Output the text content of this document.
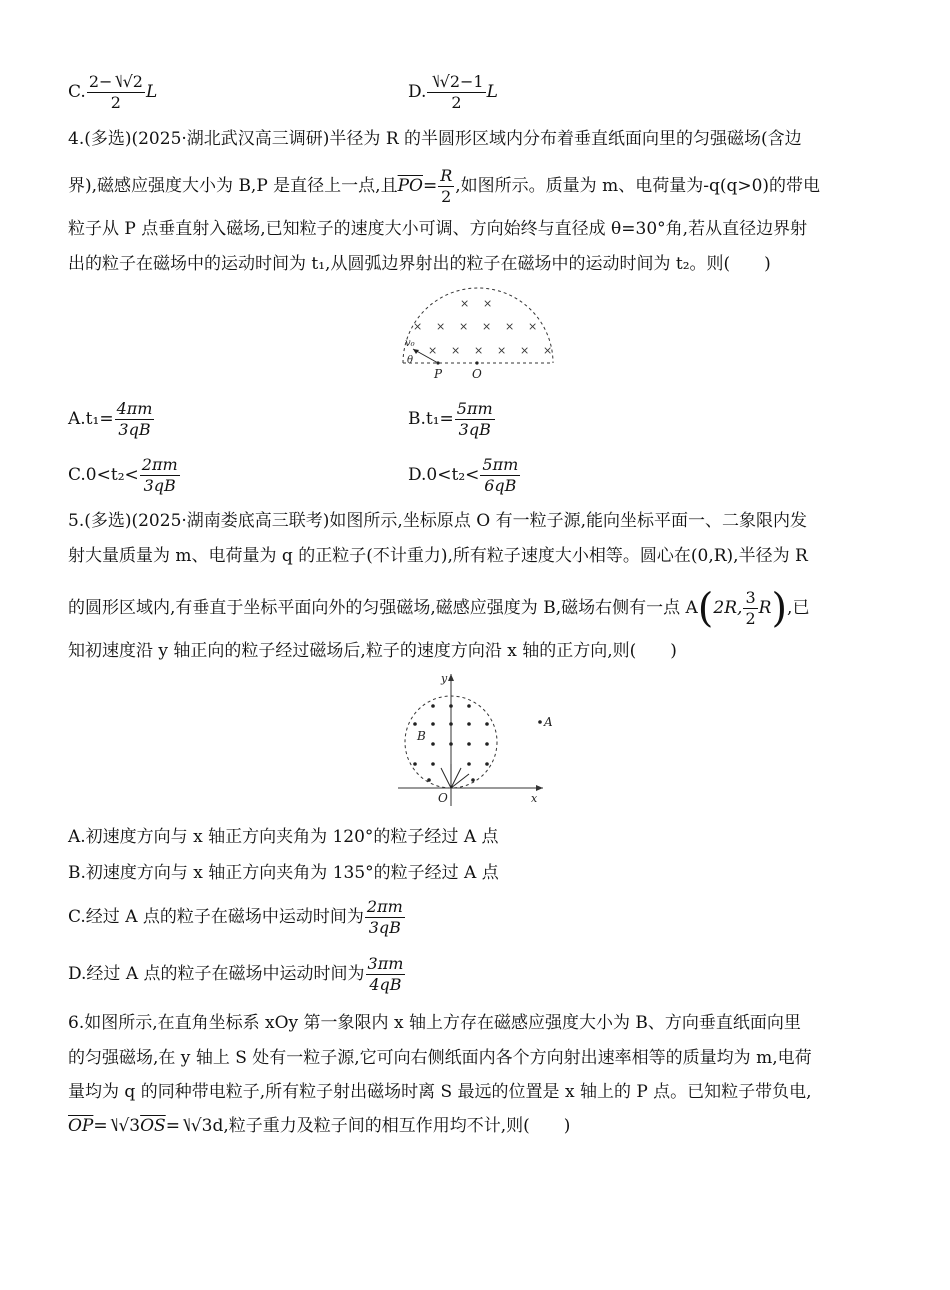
C. $\frac{2-⎷√2}{2}$ L	D. $\frac{⎷√2-1}{2}$ L
4.(多选)(2025·湖北武汉高三调研)半径为 R 的半圆形区域内分布着垂直纸面向里的匀强磁场(含边
界),磁感应强度大小为 B,P 是直径上一点,且$\overline{PO}= \frac{R}{2}$ ,如图所示。质量为 m、电荷量为-q(q>0)的带电
粒子从 P 点垂直射入磁场,已知粒子的速度大小可调、方向始终与直径成 θ=30°角,若从直径边界射
出的粒子在磁场中的运动时间为 t₁,从圆弧边界射出的粒子在磁场中的运动时间为 t₂。则(　　)
× ×
× × × × × ×
× × × × × ×
v₀
θ
P O
$A.t_1= \frac{4\pi m}{3qB}$	$B.t_1= \frac{5\pi m}{3qB}$
$C.0<t_2< \frac{2\pi m}{3qB}$	$D.0<t_2< \frac{5\pi m}{6qB}$
5.(多选)(2025·湖南娄底高三联考)如图所示,坐标原点 O 有一粒子源,能向坐标平面一、二象限内发
射大量质量为 m、电荷量为 q 的正粒子(不计重力),所有粒子速度大小相等。圆心在(0,R),半径为 R
的圆形区域内,有垂直于坐标平面向外的匀强磁场,磁感应强度为 B,磁场右侧有一点 A(2R, $\frac{3}{2} R$),已
知初速度沿 y 轴正向的粒子经过磁场后,粒子的速度方向沿 x 轴的正方向,则(　　)
A
B
O
y
x
A.初速度方向与 x 轴正方向夹角为 120°的粒子经过 A 点
B.初速度方向与 x 轴正方向夹角为 135°的粒子经过 A 点
C.经过 A 点的粒子在磁场中运动时间为 $\frac{2\pi m}{3qB}$
D.经过 A 点的粒子在磁场中运动时间为 $\frac{3\pi m}{4qB}$
6.如图所示,在直角坐标系 xOy 第一象限内 x 轴上方存在磁感应强度大小为 B、方向垂直纸面向里
的匀强磁场,在 y 轴上 S 处有一粒子源,它可向右侧纸面内各个方向射出速率相等的质量均为 m,电荷
量均为 q 的同种带电粒子,所有粒子射出磁场时离 S 最远的位置是 x 轴上的 P 点。已知粒子带负电,
$\overline{OP}=⎷√3\overline{OS}=⎷√3d$,粒子重力及粒子间的相互作用均不计,则(　　)
